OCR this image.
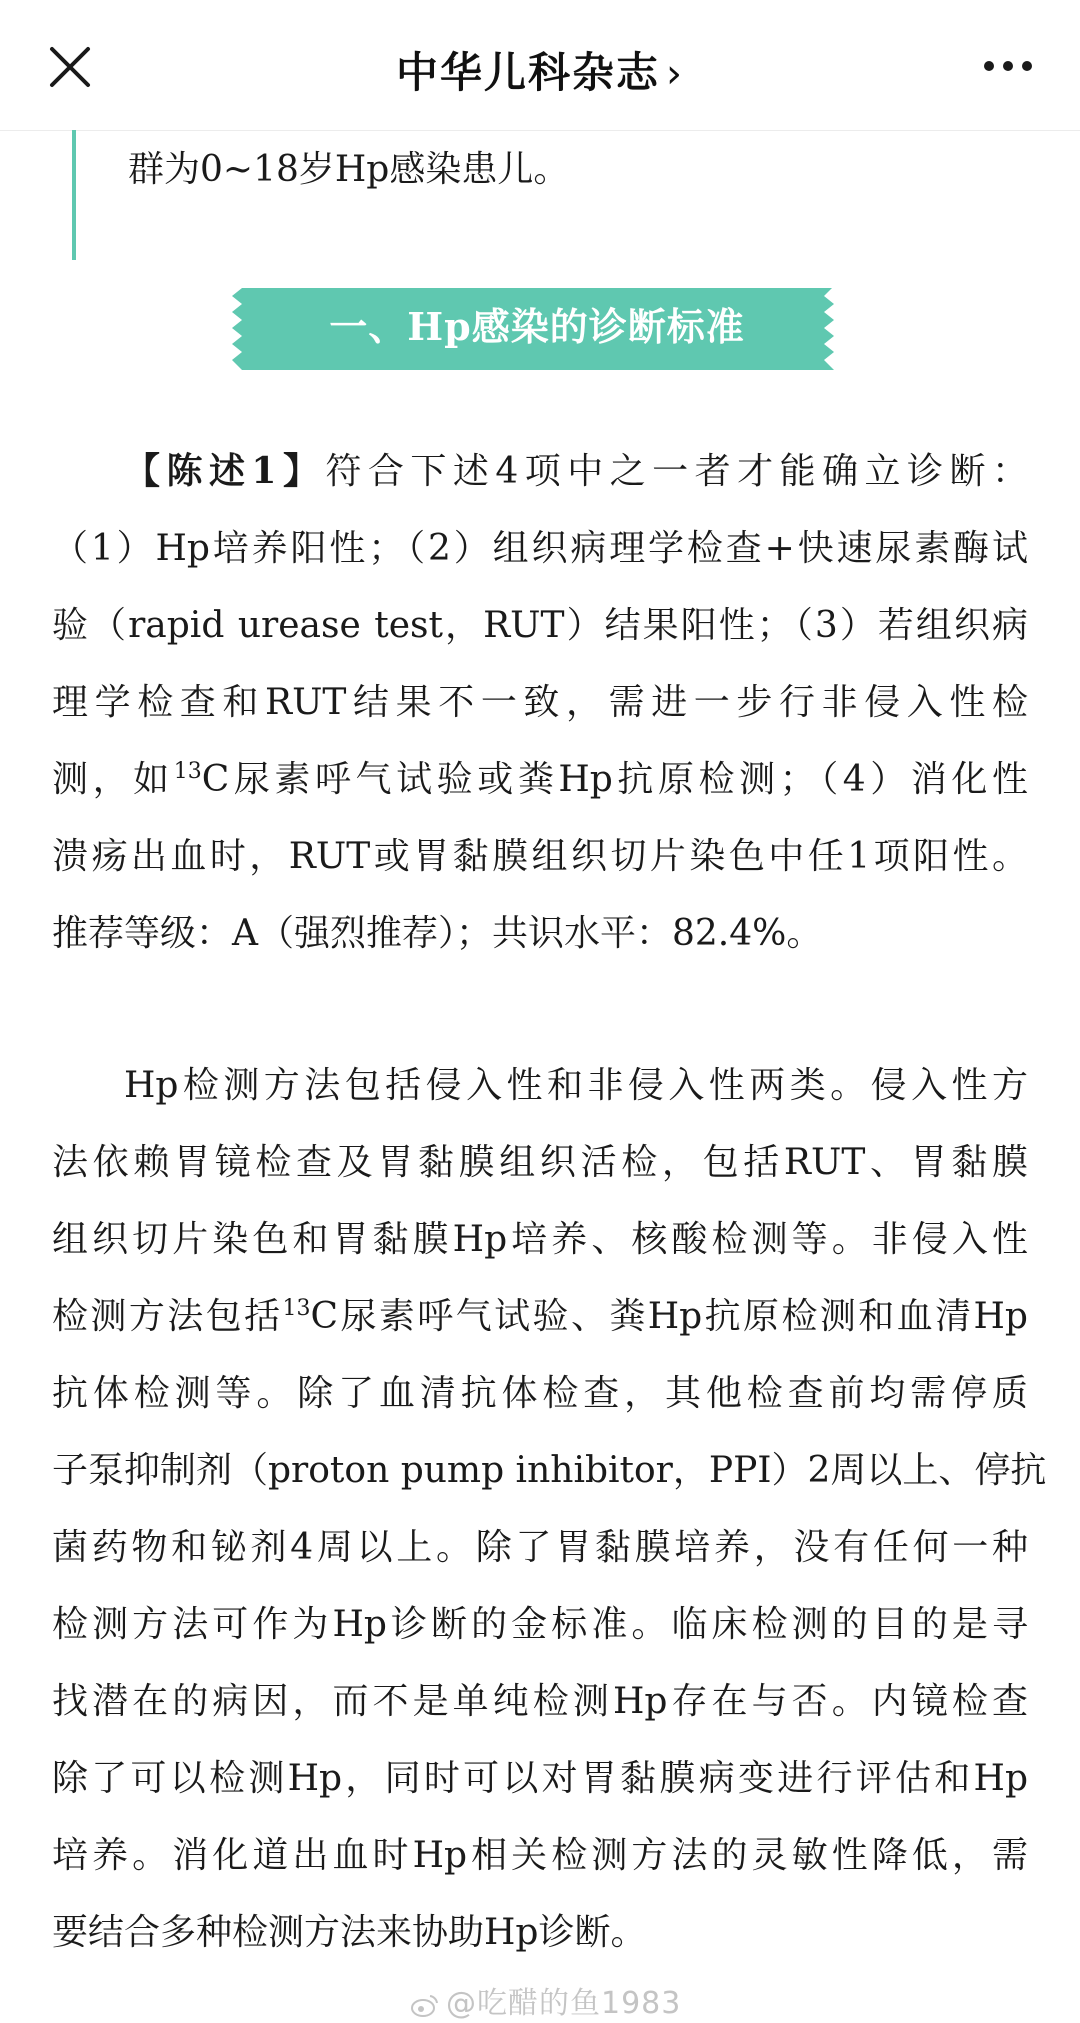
中华儿科杂志 ›
群为0~18岁Hp感染患儿。
一、Hp感染的诊断标准
【陈述1】符合下述4项中之一者才能确立诊断：
（1）Hp培养阳性；（2）组织病理学检查+快速尿素酶试
验（rapid urease test，RUT）结果阳性；（3）若组织病
理学检查和RUT结果不一致，需进一步行非侵入性检
测，如$^{13}$C尿素呼气试验或粪Hp抗原检测；（4）消化性
溃疡出血时，RUT或胃黏膜组织切片染色中任1项阳性。
推荐等级：A（强烈推荐）；共识水平：82.4%。
Hp检测方法包括侵入性和非侵入性两类。侵入性方
法依赖胃镜检查及胃黏膜组织活检，包括RUT、胃黏膜
组织切片染色和胃黏膜Hp培养、核酸检测等。非侵入性
检测方法包括$^{13}$C尿素呼气试验、粪Hp抗原检测和血清Hp
抗体检测等。除了血清抗体检查，其他检查前均需停质
子泵抑制剂（proton pump inhibitor，PPI）2周以上、停抗
菌药物和铋剂4周以上。除了胃黏膜培养，没有任何一种
检测方法可作为Hp诊断的金标准。临床检测的目的是寻
找潜在的病因，而不是单纯检测Hp存在与否。内镜检查
除了可以检测Hp，同时可以对胃黏膜病变进行评估和Hp
培养。消化道出血时Hp相关检测方法的灵敏性降低，需
要结合多种检测方法来协助Hp诊断。
@吃醋的鱼1983
